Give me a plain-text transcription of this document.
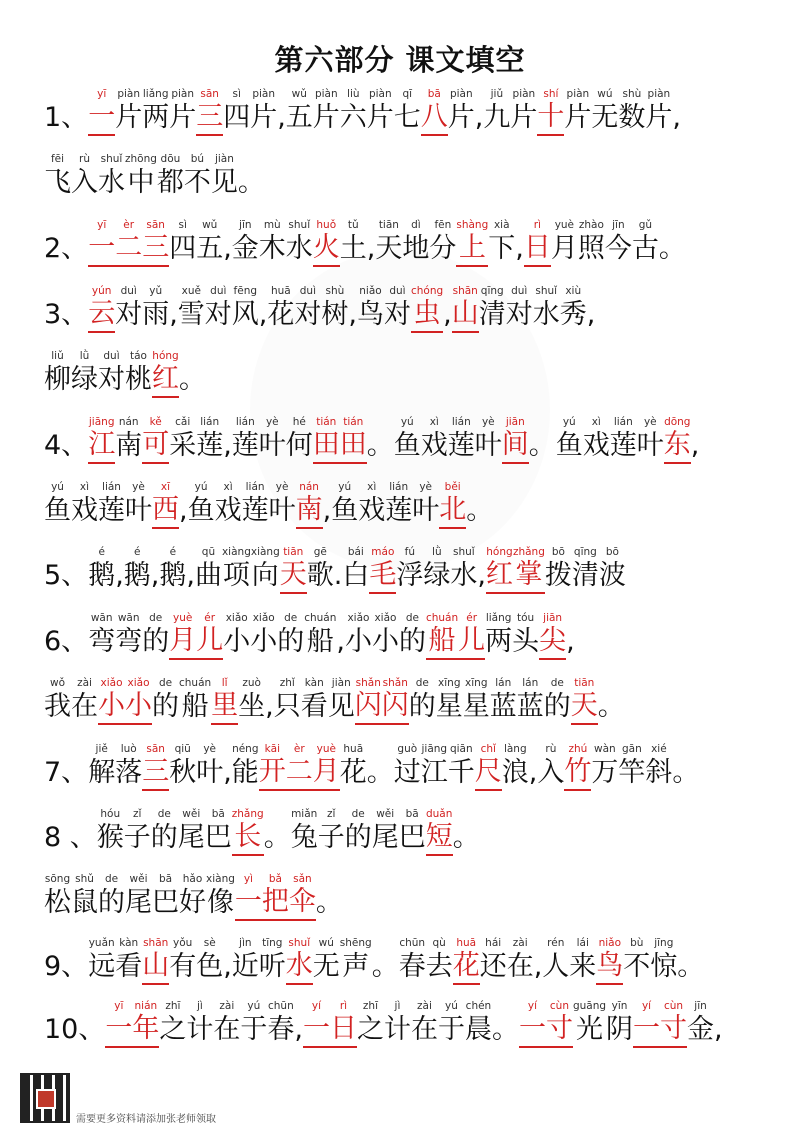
第六部分 课文填空
1、
yī
一
piàn
片
liǎng
两
piàn
片
sān
三
sì
四
piàn
片 ,
wǔ
五
piàn
片
liù
六
piàn
片
qī
七
bā
八
piàn
片 ,
jiǔ
九
piàn
片
shí
十
piàn
片
wú
无
shù
数
piàn
片 ,
fēi
飞
rù
入
shuǐ
水
zhōng
中
dōu
都
bú
不
jiàn
见 。
2、
yī
一
èr
二
sān
三
sì
四
wǔ
五 ,
jīn
金
mù
木
shuǐ
水
huǒ
火
tǔ
土 ,
tiān
天
dì
地
fēn
分
shàng
上
xià
下 ,
rì
日
yuè
月
zhào
照
jīn
今
gǔ
古 。
3、
yún
云
duì
对
yǔ
雨 ,
xuě
雪
duì
对
fēng
风 ,
huā
花
duì
对
shù
树 ,
niǎo
鸟
duì
对
chóng
虫 ,
shān
山
qīng
清
duì
对
shuǐ
水
xiù
秀 ,
liǔ
柳
lǜ
绿
duì
对
táo
桃
hóng
红 。
4、
jiāng
江
nán
南
kě
可
cǎi
采
lián
莲 ,
lián
莲
yè
叶
hé
何
tián
田
tián
田 。
yú
鱼
xì
戏
lián
莲
yè
叶
jiān
间 。
yú
鱼
xì
戏
lián
莲
yè
叶
dōng
东 ,
yú
鱼
xì
戏
lián
莲
yè
叶
xī
西 ,
yú
鱼
xì
戏
lián
莲
yè
叶
nán
南 ,
yú
鱼
xì
戏
lián
莲
yè
叶
běi
北 。
5、
é
鹅 ,
é
鹅 ,
é
鹅 ,
qū
曲
xiàng
项
xiàng
向
tiān
天
gē
歌 .
bái
白
máo
毛
fú
浮
lǜ
绿
shuǐ
水 ,
hóng
红
zhǎng
掌
bō
拨
qīng
清
bō
波
6、
wān
弯
wān
弯
de
的
yuè
月
ér
儿
xiǎo
小
xiǎo
小
de
的
chuán
船 ,
xiǎo
小
xiǎo
小
de
的
chuán
船
ér
儿
liǎng
两
tóu
头
jiān
尖 ,
wǒ
我
zài
在
xiǎo
小
xiǎo
小
de
的
chuán
船
lǐ
里
zuò
坐 ,
zhǐ
只
kàn
看
jiàn
见
shǎn
闪
shǎn
闪
de
的
xīng
星
xīng
星
lán
蓝
lán
蓝
de
的
tiān
天 。
7、
jiě
解
luò
落
sān
三
qiū
秋
yè
叶 ,
néng
能
kāi
开
èr
二
yuè
月
huā
花 。
guò
过
jiāng
江
qiān
千
chǐ
尺
làng
浪 ,
rù
入
zhú
竹
wàn
万
gān
竿
xié
斜 。
8 、
hóu
猴
zǐ
子
de
的
wěi
尾
bā
巴
zhǎng
长 。
miǎn
兔
zǐ
子
de
的
wěi
尾
bā
巴
duǎn
短 。
sōng
松
shǔ
鼠
de
的
wěi
尾
bā
巴
hǎo
好
xiàng
像
yì
一
bǎ
把
sǎn
伞 。
9、
yuǎn
远
kàn
看
shān
山
yǒu
有
sè
色 ,
jìn
近
tīng
听
shuǐ
水
wú
无
shēng
声 。
chūn
春
qù
去
huā
花
hái
还
zài
在 ,
rén
人
lái
来
niǎo
鸟
bù
不
jīng
惊 。
10、
yī
一
nián
年
zhī
之
jì
计
zài
在
yú
于
chūn
春 ,
yí
一
rì
日
zhī
之
jì
计
zài
在
yú
于
chén
晨 。
yí
一
cùn
寸
guāng
光
yīn
阴
yí
一
cùn
寸
jīn
金 ,
需要更多资料请添加张老师领取
